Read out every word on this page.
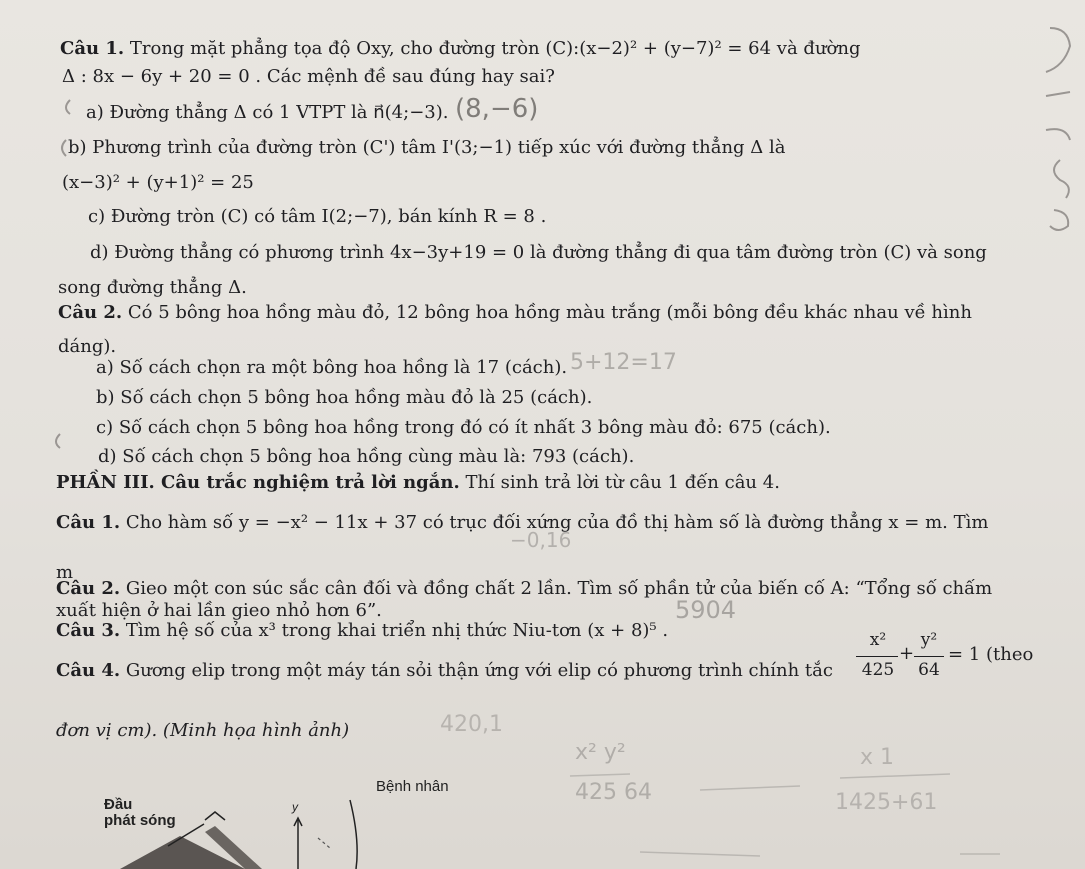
Câu 1. Trong mặt phẳng tọa độ Oxy, cho đường tròn (C):(x−2)² + (y−7)² = 64 và đường
Δ : 8x − 6y + 20 = 0 . Các mệnh đề sau đúng hay sai?
a) Đường thẳng Δ có 1 VTPT là n⃗(4;−3).
b) Phương trình của đường tròn (C') tâm I'(3;−1) tiếp xúc với đường thẳng Δ là
(x−3)² + (y+1)² = 25
c) Đường tròn (C) có tâm I(2;−7), bán kính R = 8 .
d) Đường thẳng có phương trình 4x−3y+19 = 0 là đường thẳng đi qua tâm đường tròn (C) và song
song đường thẳng Δ.
Câu 2. Có 5 bông hoa hồng màu đỏ, 12 bông hoa hồng màu trắng (mỗi bông đều khác nhau về hình
dáng).
a) Số cách chọn ra một bông hoa hồng là 17 (cách).
b) Số cách chọn 5 bông hoa hồng màu đỏ là 25 (cách).
c) Số cách chọn 5 bông hoa hồng trong đó có ít nhất 3 bông màu đỏ: 675 (cách).
d) Số cách chọn 5 bông hoa hồng cùng màu là: 793 (cách).
PHẦN III. Câu trắc nghiệm trả lời ngắn. Thí sinh trả lời từ câu 1 đến câu 4.
Câu 1. Cho hàm số y = −x² − 11x + 37 có trục đối xứng của đồ thị hàm số là đường thẳng x = m. Tìm
m
Câu 2. Gieo một con súc sắc cân đối và đồng chất 2 lần. Tìm số phần tử của biến cố A: “Tổng số chấm
xuất hiện ở hai lần gieo nhỏ hơn 6”.
Câu 3. Tìm hệ số của x³ trong khai triển nhị thức Niu-tơn (x + 8)⁵ .
Câu 4. Gương elip trong một máy tán sỏi thận ứng với elip có phương trình chính tắc
x²
425
+
y²
64
= 1 (theo
đơn vị cm). (Minh họa hình ảnh)
(8,−6)
5+12=17
−0,16
5904
420,1
x² y²
425 64
x 1
1425+61
Bệnh nhân
Đầu
phát sóng
y
